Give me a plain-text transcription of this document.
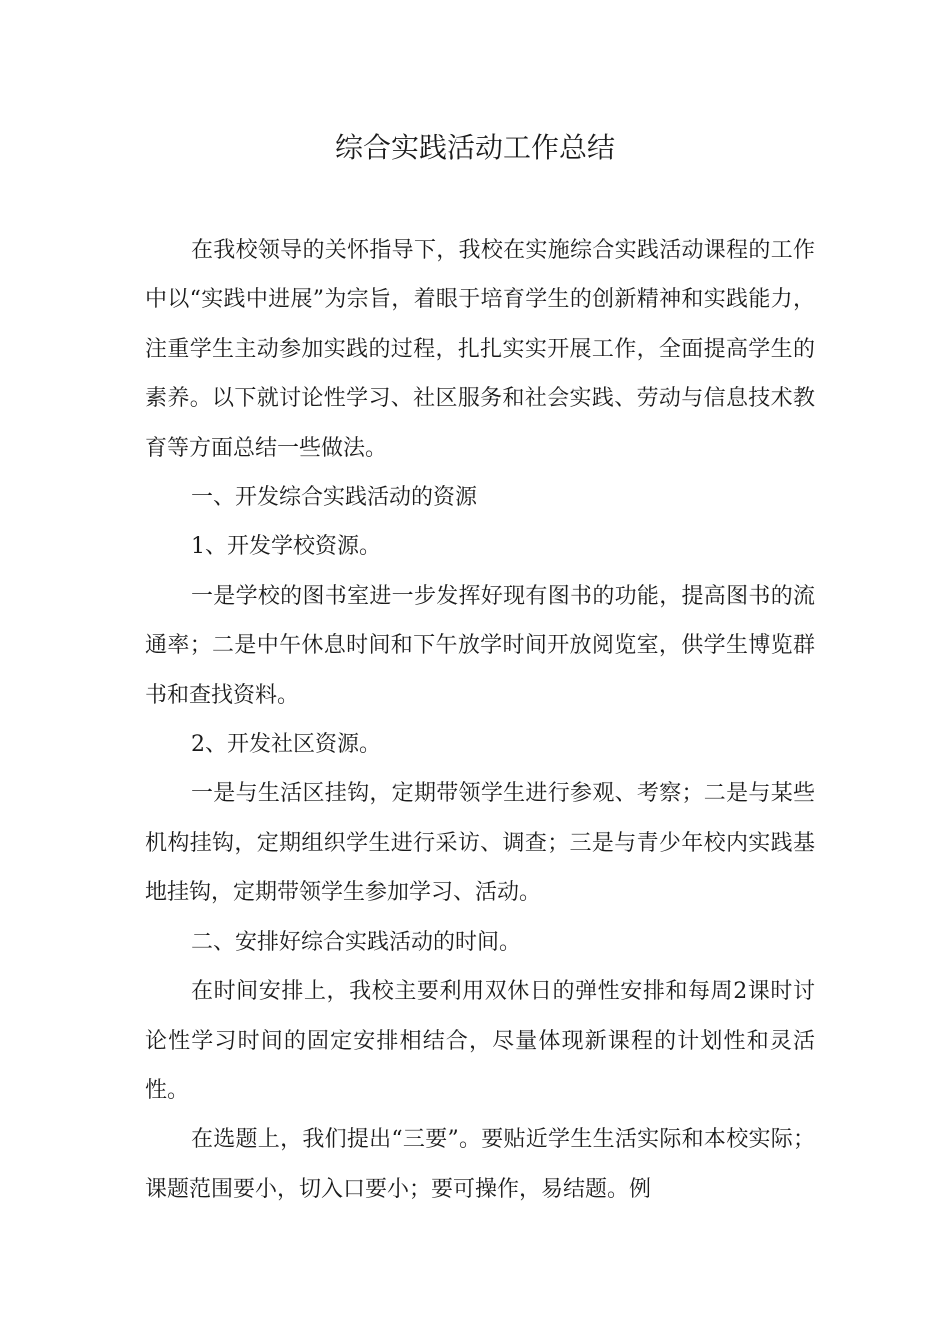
综合实践活动工作总结

在我校领导的关怀指导下，我校在实施综合实践活动课程的工作中以“实践中进展”为宗旨，着眼于培育学生的创新精神和实践能力，注重学生主动参加实践的过程，扎扎实实开展工作，全面提高学生的素养。以下就讨论性学习、社区服务和社会实践、劳动与信息技术教育等方面总结一些做法。

一、开发综合实践活动的资源

1、开发学校资源。

一是学校的图书室进一步发挥好现有图书的功能，提高图书的流通率；二是中午休息时间和下午放学时间开放阅览室，供学生博览群书和查找资料。

2、开发社区资源。

一是与生活区挂钩，定期带领学生进行参观、考察；二是与某些机构挂钩，定期组织学生进行采访、调查；三是与青少年校内实践基地挂钩，定期带领学生参加学习、活动。

二、安排好综合实践活动的时间。

在时间安排上，我校主要利用双休日的弹性安排和每周2课时讨论性学习时间的固定安排相结合，尽量体现新课程的计划性和灵活性。

在选题上，我们提出“三要”。要贴近学生生活实际和本校实际；课题范围要小，切入口要小；要可操作，易结题。例
